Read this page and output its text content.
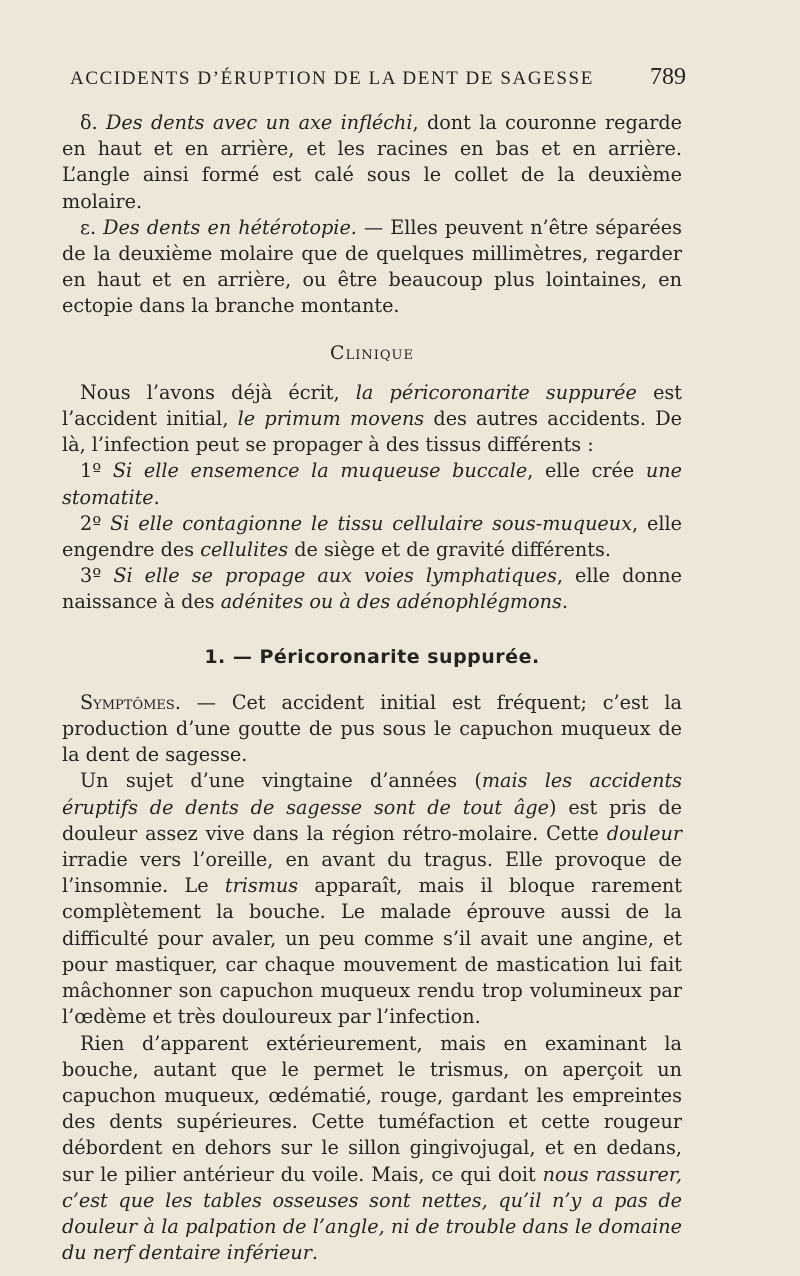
ACCIDENTS D’ÉRUPTION DE LA DENT DE SAGESSE 789

δ. Des dents avec un axe infléchi, dont la couronne regarde en haut et en arrière, et les racines en bas et en arrière. L’angle ainsi formé est calé sous le collet de la deuxième molaire.

ε. Des dents en hétérotopie. — Elles peuvent n’être séparées de la deuxième molaire que de quelques millimètres, regarder en haut et en arrière, ou être beaucoup plus lointaines, en ectopie dans la branche montante.

Clinique

Nous l’avons déjà écrit, la péricoronarite suppurée est l’accident initial, le primum movens des autres accidents. De là, l’infection peut se propager à des tissus différents :

1º Si elle ensemence la muqueuse buccale, elle crée une stomatite.

2º Si elle contagionne le tissu cellulaire sous-muqueux, elle engendre des cellulites de siège et de gravité différents.

3º Si elle se propage aux voies lymphatiques, elle donne naissance à des adénites ou à des adénophlégmons.

1. — Péricoronarite suppurée.

Symptômes. — Cet accident initial est fréquent; c’est la production d’une goutte de pus sous le capuchon muqueux de la dent de sagesse.

Un sujet d’une vingtaine d’années (mais les accidents éruptifs de dents de sagesse sont de tout âge) est pris de douleur assez vive dans la région rétro-molaire. Cette douleur irradie vers l’oreille, en avant du tragus. Elle provoque de l’insomnie. Le trismus apparaît, mais il bloque rarement complètement la bouche. Le malade éprouve aussi de la difficulté pour avaler, un peu comme s’il avait une angine, et pour mastiquer, car chaque mouvement de mastication lui fait mâchonner son capuchon muqueux rendu trop volumineux par l’œdème et très douloureux par l’infection.

Rien d’apparent extérieurement, mais en examinant la bouche, autant que le permet le trismus, on aperçoit un capuchon muqueux, œdématié, rouge, gardant les empreintes des dents supérieures. Cette tuméfaction et cette rougeur débordent en dehors sur le sillon gingivojugal, et en dedans, sur le pilier antérieur du voile. Mais, ce qui doit nous rassurer, c’est que les tables osseuses sont nettes, qu’il n’y a pas de douleur à la palpation de l’angle, ni de trouble dans le domaine du nerf dentaire inférieur.
